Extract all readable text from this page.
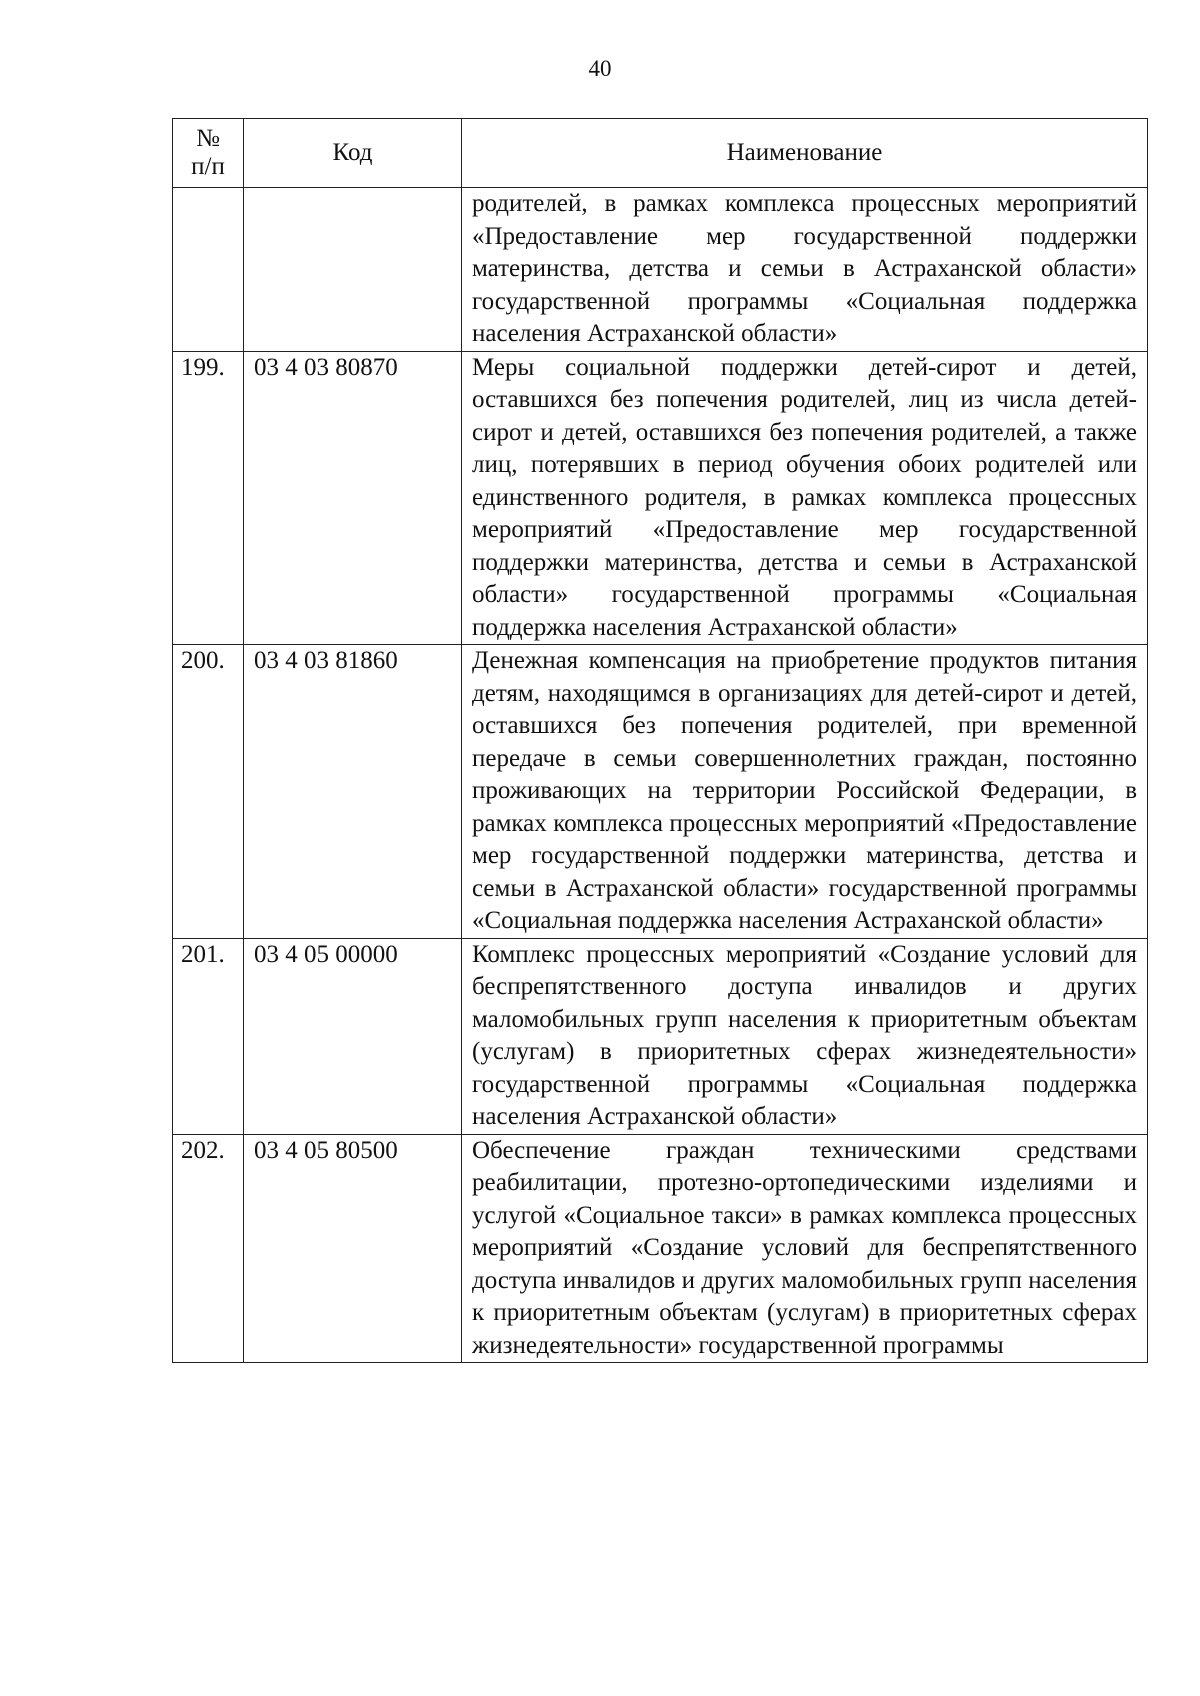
40
№
п/п	Код	Наименование
		родителей, в рамках комплекса процессных мероприятий «Предоставление мер государственной поддержки материнства, детства и семьи в Астраханской области» государственной программы «Социальная поддержка населения Астраханской области»
199.	03 4 03 80870	Меры социальной поддержки детей-сирот и детей, оставшихся без попечения родителей, лиц из числа детей-сирот и детей, оставшихся без попечения родителей, а также лиц, потерявших в период обучения обоих родителей или единственного родителя, в рамках комплекса процессных мероприятий «Предоставление мер государственной поддержки материнства, детства и семьи в Астраханской области» государственной программы «Социальная поддержка населения Астраханской области»
200.	03 4 03 81860	Денежная компенсация на приобретение продуктов питания детям, находящимся в организациях для детей-сирот и детей, оставшихся без попечения родителей, при временной передаче в семьи совершеннолетних граждан, постоянно проживающих на территории Российской Федерации, в рамках комплекса процессных мероприятий «Предоставление мер государственной поддержки материнства, детства и семьи в Астраханской области» государственной программы «Социальная поддержка населения Астраханской области»
201.	03 4 05 00000	Комплекс процессных мероприятий «Создание условий для беспрепятственного доступа инвалидов и других маломобильных групп населения к приоритетным объектам (услугам) в приоритетных сферах жизнедеятельности» государственной программы «Социальная поддержка населения Астраханской области»
202.	03 4 05 80500	Обеспечение граждан техническими средствами реабилитации, протезно-ортопедическими изделиями и услугой «Социальное такси» в рамках комплекса процессных мероприятий «Создание условий для беспрепятственного доступа инвалидов и других маломобильных групп населения к приоритетным объектам (услугам) в приоритетных сферах жизнедеятельности» государственной программы
